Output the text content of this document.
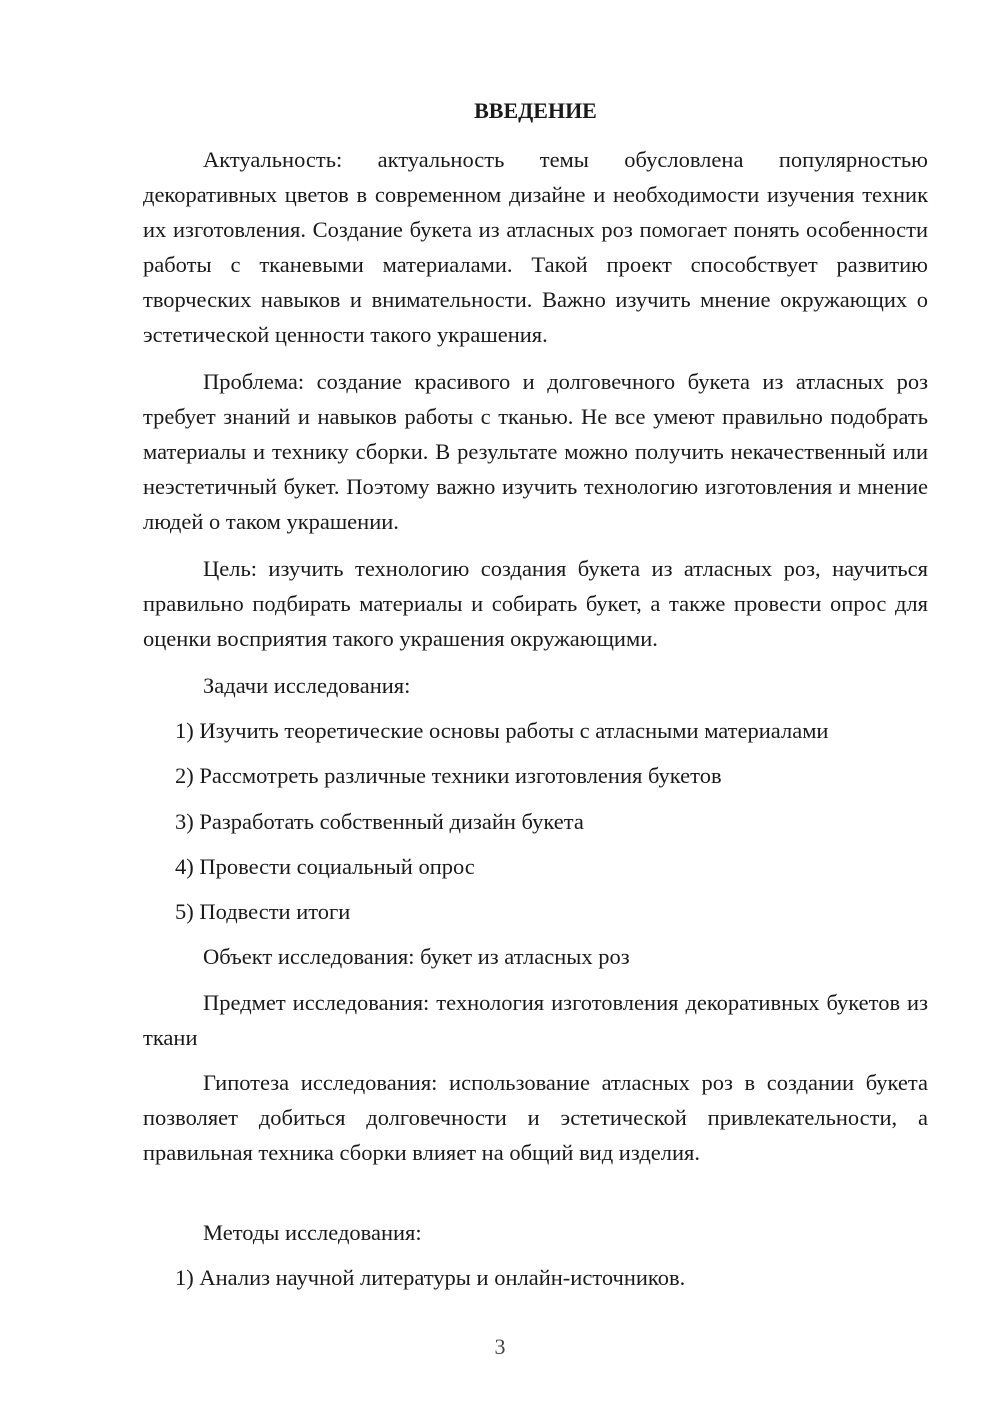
ВВЕДЕНИЕ

Актуальность: актуальность темы обусловлена популярностью декоративных цветов в современном дизайне и необходимости изучения техник их изготовления. Создание букета из атласных роз помогает понять особенности работы с тканевыми материалами. Такой проект способствует развитию творческих навыков и внимательности. Важно изучить мнение окружающих о эстетической ценности такого украшения.

Проблема: создание красивого и долговечного букета из атласных роз требует знаний и навыков работы с тканью. Не все умеют правильно подобрать материалы и технику сборки. В результате можно получить некачественный или неэстетичный букет. Поэтому важно изучить технологию изготовления и мнение людей о таком украшении.

Цель: изучить технологию создания букета из атласных роз, научиться правильно подбирать материалы и собирать букет, а также провести опрос для оценки восприятия такого украшения окружающими.

Задачи исследования:

1) Изучить теоретические основы работы с атласными материалами

2) Рассмотреть различные техники изготовления букетов

3) Разработать собственный дизайн букета

4) Провести социальный опрос

5) Подвести итоги

Объект исследования: букет из атласных роз

Предмет исследования: технология изготовления декоративных букетов из ткани

Гипотеза исследования: использование атласных роз в создании букета позволяет добиться долговечности и эстетической привлекательности, а правильная техника сборки влияет на общий вид изделия.

Методы исследования:

1) Анализ научной литературы и онлайн-источников.

3
